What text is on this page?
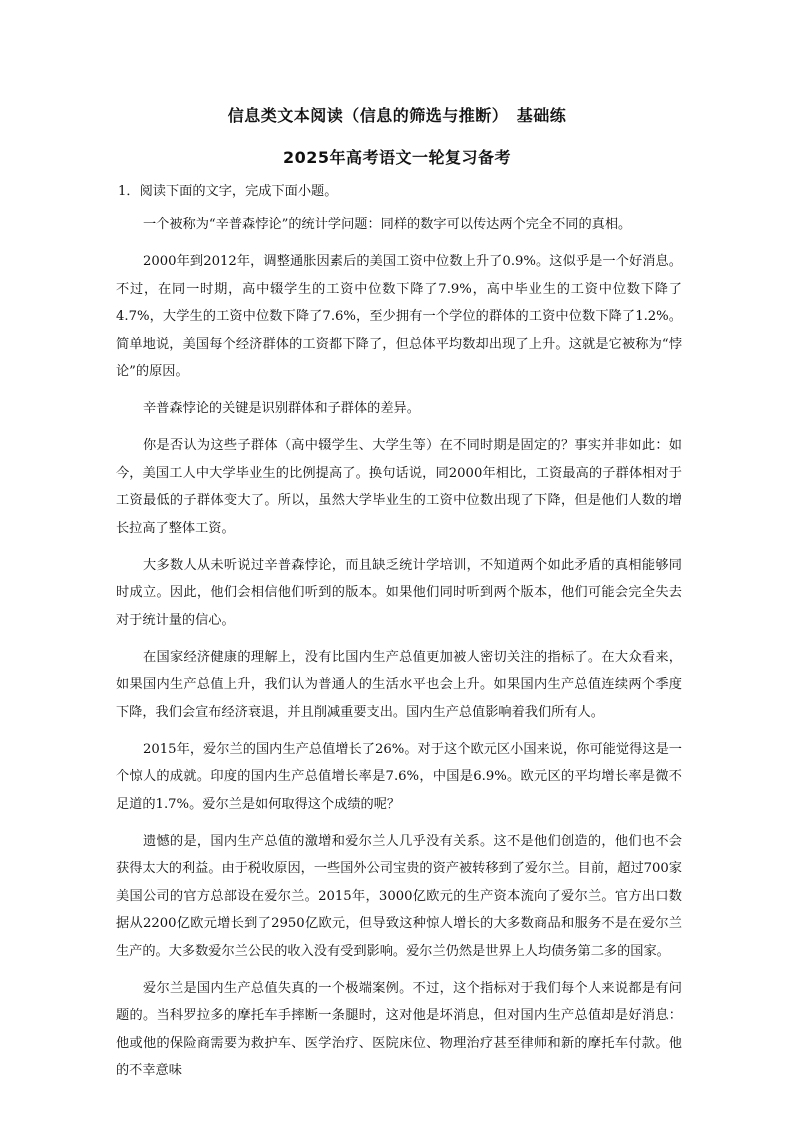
信息类文本阅读（信息的筛选与推断）　基础练
2025年高考语文一轮复习备考

1．阅读下面的文字，完成下面小题。

一个被称为“辛普森悖论”的统计学问题：同样的数字可以传达两个完全不同的真相。

2000年到2012年，调整通胀因素后的美国工资中位数上升了0.9%。这似乎是一个好消息。不过，在同一时期，高中辍学生的工资中位数下降了7.9%，高中毕业生的工资中位数下降了4.7%，大学生的工资中位数下降了7.6%，至少拥有一个学位的群体的工资中位数下降了1.2%。简单地说，美国每个经济群体的工资都下降了，但总体平均数却出现了上升。这就是它被称为“悖论”的原因。

辛普森悖论的关键是识别群体和子群体的差异。

你是否认为这些子群体（高中辍学生、大学生等）在不同时期是固定的？事实并非如此：如今，美国工人中大学毕业生的比例提高了。换句话说，同2000年相比，工资最高的子群体相对于工资最低的子群体变大了。所以，虽然大学毕业生的工资中位数出现了下降，但是他们人数的增长拉高了整体工资。

大多数人从未听说过辛普森悖论，而且缺乏统计学培训，不知道两个如此矛盾的真相能够同时成立。因此，他们会相信他们听到的版本。如果他们同时听到两个版本，他们可能会完全失去对于统计量的信心。

在国家经济健康的理解上，没有比国内生产总值更加被人密切关注的指标了。在大众看来，如果国内生产总值上升，我们认为普通人的生活水平也会上升。如果国内生产总值连续两个季度下降，我们会宣布经济衰退，并且削减重要支出。国内生产总值影响着我们所有人。

2015年，爱尔兰的国内生产总值增长了26%。对于这个欧元区小国来说，你可能觉得这是一个惊人的成就。印度的国内生产总值增长率是7.6%，中国是6.9%。欧元区的平均增长率是微不足道的1.7%。爱尔兰是如何取得这个成绩的呢？

遗憾的是，国内生产总值的激增和爱尔兰人几乎没有关系。这不是他们创造的，他们也不会获得太大的利益。由于税收原因，一些国外公司宝贵的资产被转移到了爱尔兰。目前，超过700家美国公司的官方总部设在爱尔兰。2015年，3000亿欧元的生产资本流向了爱尔兰。官方出口数据从2200亿欧元增长到了2950亿欧元，但导致这种惊人增长的大多数商品和服务不是在爱尔兰生产的。大多数爱尔兰公民的收入没有受到影响。爱尔兰仍然是世界上人均债务第二多的国家。

爱尔兰是国内生产总值失真的一个极端案例。不过，这个指标对于我们每个人来说都是有问题的。当科罗拉多的摩托车手摔断一条腿时，这对他是坏消息，但对国内生产总值却是好消息：他或他的保险商需要为救护车、医学治疗、医院床位、物理治疗甚至律师和新的摩托车付款。他的不幸意味
